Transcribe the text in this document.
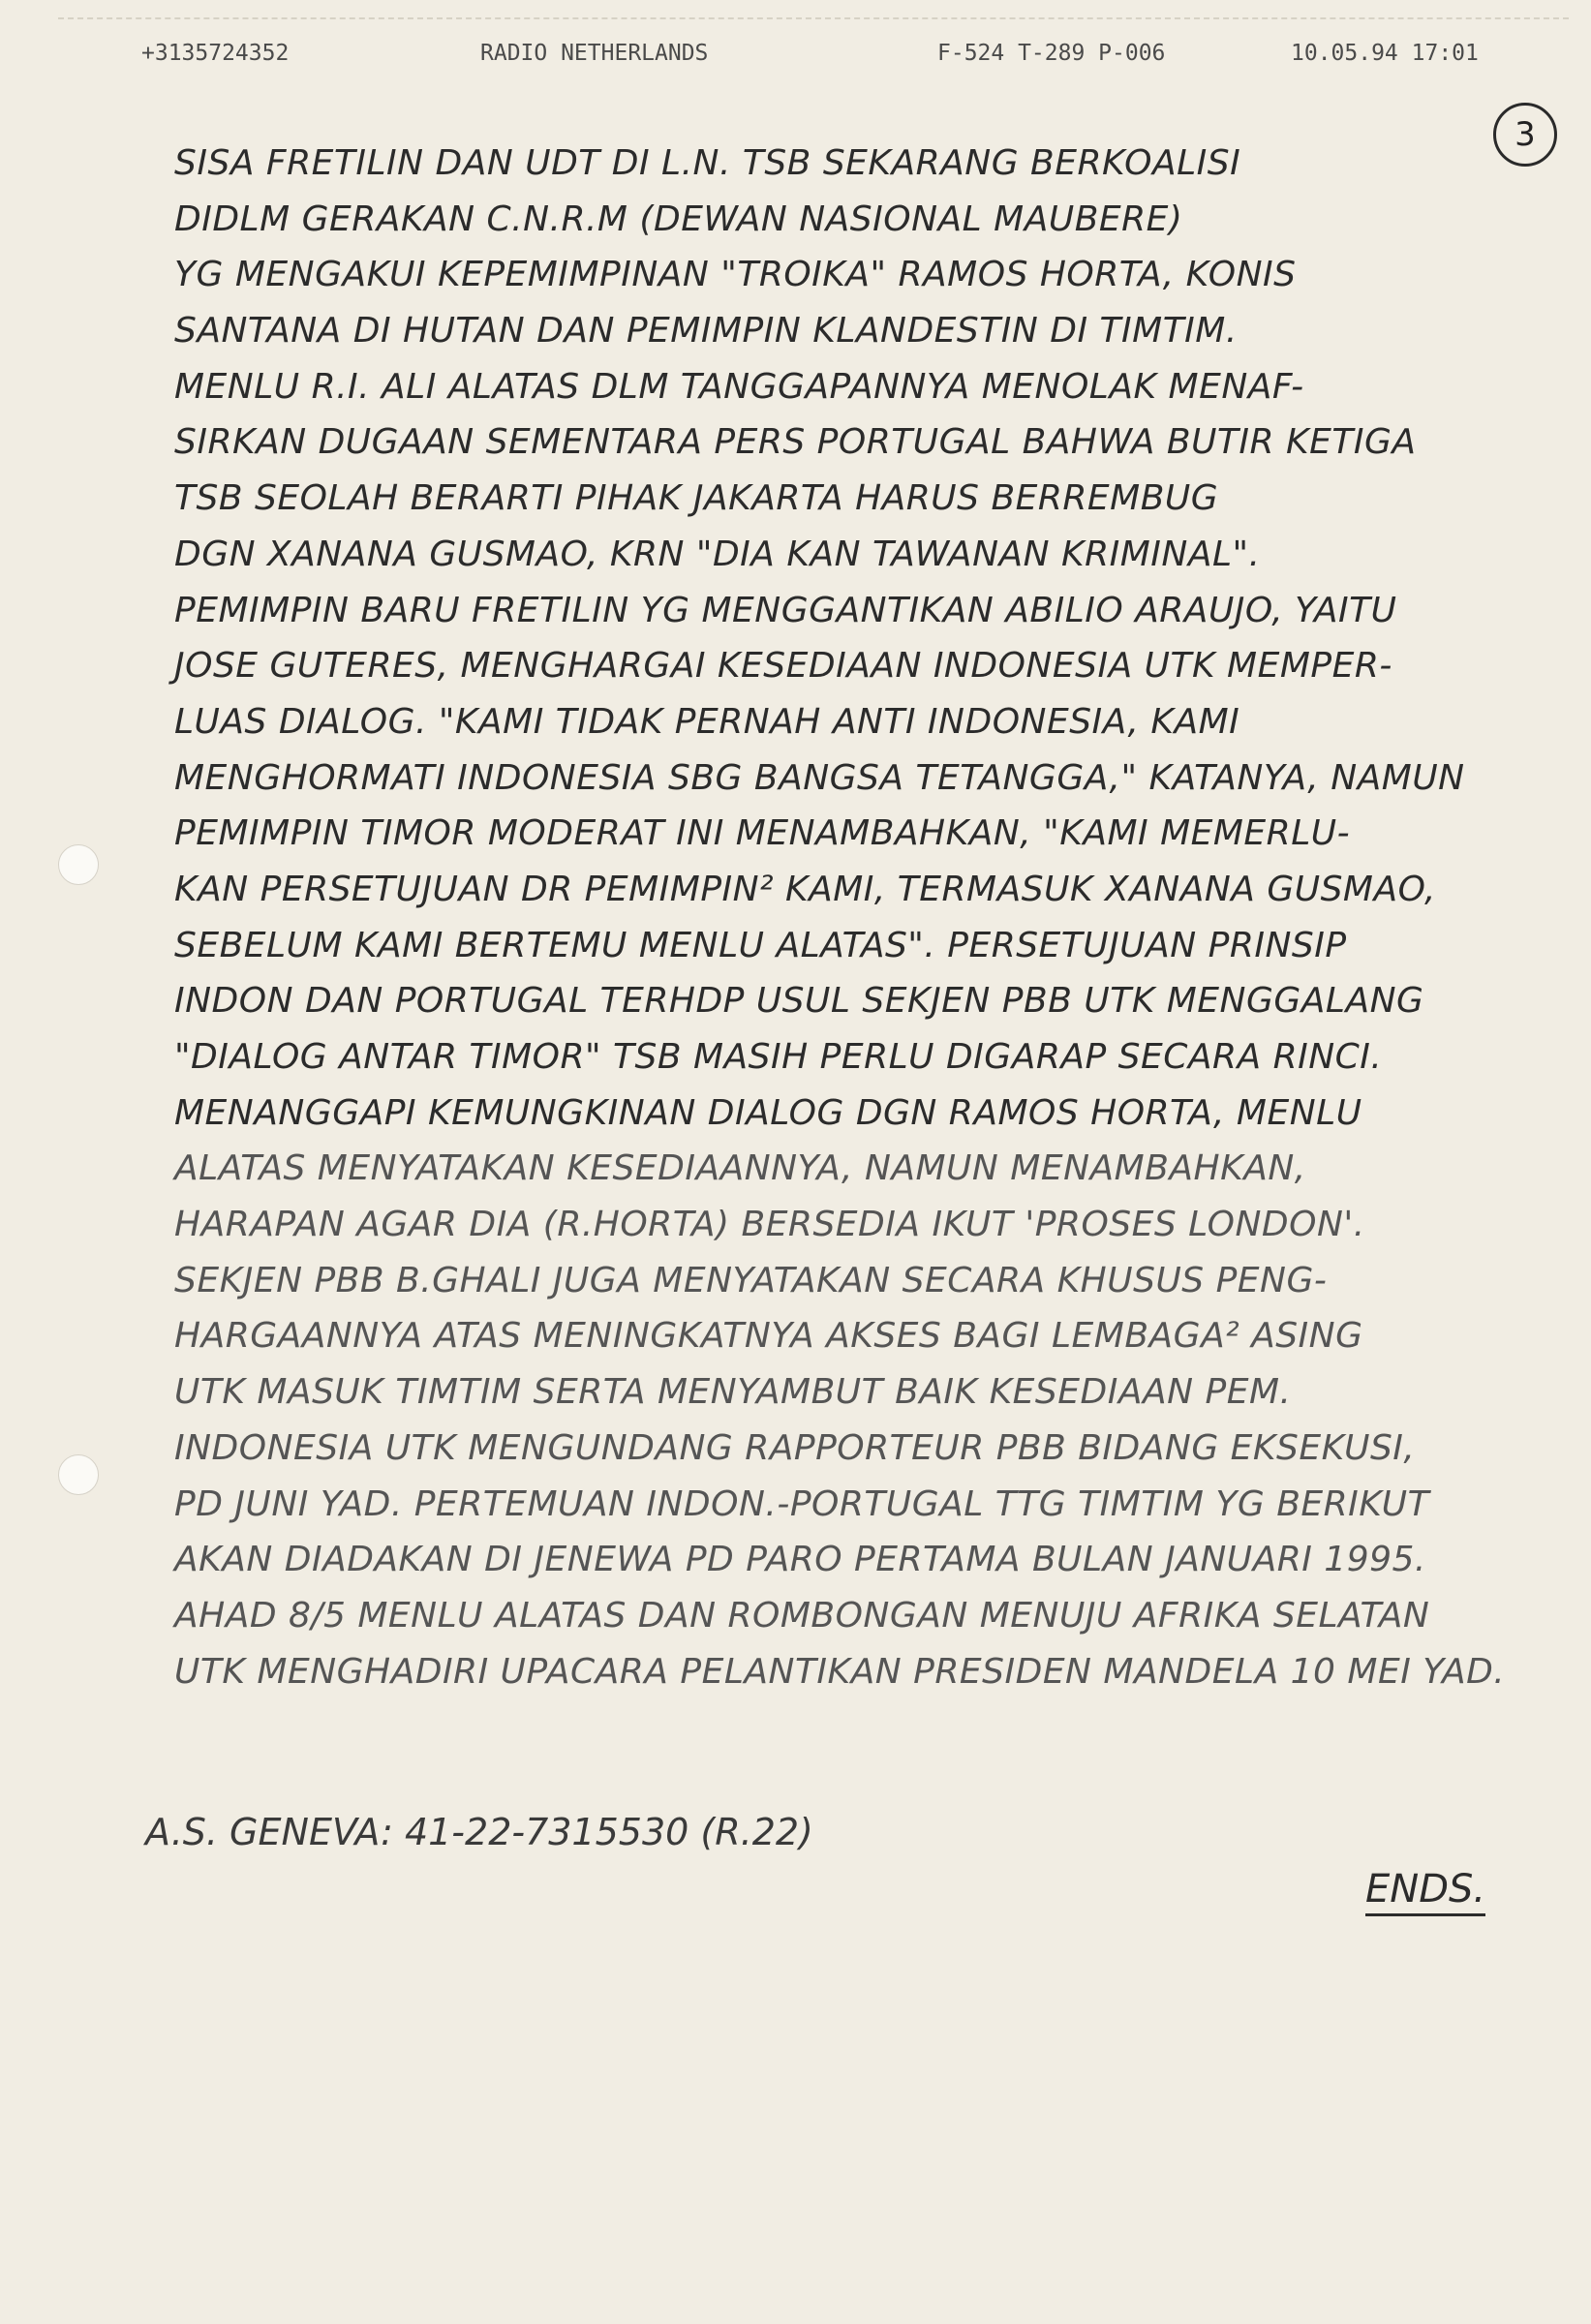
+3135724352	RADIO NETHERLANDS	F-524 T-289 P-006	10.05.94 17:01
3
SISA FRETILIN DAN UDT DI L.N. TSB SEKARANG BERKOALISI
DIDLM GERAKAN C.N.R.M (DEWAN NASIONAL MAUBERE)
YG MENGAKUI KEPEMIMPINAN "TROIKA" RAMOS HORTA, KONIS
SANTANA DI HUTAN DAN PEMIMPIN KLANDESTIN DI TIMTIM.
MENLU R.I. ALI ALATAS DLM TANGGAPANNYA MENOLAK MENAF-
SIRKAN DUGAAN SEMENTARA PERS PORTUGAL BAHWA BUTIR KETIGA
TSB SEOLAH BERARTI PIHAK JAKARTA HARUS BERREMBUG
DGN XANANA GUSMAO, KRN "DIA KAN TAWANAN KRIMINAL".
PEMIMPIN BARU FRETILIN YG MENGGANTIKAN ABILIO ARAUJO, YAITU
JOSE GUTERES, MENGHARGAI KESEDIAAN INDONESIA UTK MEMPER-
LUAS DIALOG. "KAMI TIDAK PERNAH ANTI INDONESIA, KAMI
MENGHORMATI INDONESIA SBG BANGSA TETANGGA," KATANYA, NAMUN
PEMIMPIN TIMOR MODERAT INI MENAMBAHKAN, "KAMI MEMERLU-
KAN PERSETUJUAN DR PEMIMPIN² KAMI, TERMASUK XANANA GUSMAO,
SEBELUM KAMI BERTEMU MENLU ALATAS". PERSETUJUAN PRINSIP
INDON DAN PORTUGAL TERHDP USUL SEKJEN PBB UTK MENGGALANG
"DIALOG ANTAR TIMOR" TSB MASIH PERLU DIGARAP SECARA RINCI.
MENANGGAPI KEMUNGKINAN DIALOG DGN RAMOS HORTA, MENLU
ALATAS MENYATAKAN KESEDIAANNYA, NAMUN MENAMBAHKAN,
HARAPAN AGAR DIA (R.HORTA) BERSEDIA IKUT 'PROSES LONDON'.
SEKJEN PBB B.GHALI JUGA MENYATAKAN SECARA KHUSUS PENG-
HARGAANNYA ATAS MENINGKATNYA AKSES BAGI LEMBAGA² ASING
UTK MASUK TIMTIM SERTA MENYAMBUT BAIK KESEDIAAN PEM.
INDONESIA UTK MENGUNDANG RAPPORTEUR PBB BIDANG EKSEKUSI,
PD JUNI YAD. PERTEMUAN INDON.-PORTUGAL TTG TIMTIM YG BERIKUT
AKAN DIADAKAN DI JENEWA PD PARO PERTAMA BULAN JANUARI 1995.
AHAD 8/5 MENLU ALATAS DAN ROMBONGAN MENUJU AFRIKA SELATAN
UTK MENGHADIRI UPACARA PELANTIKAN PRESIDEN MANDELA 10 MEI YAD.
A.S. GENEVA: 41-22-7315530 (R.22)
ENDS.
